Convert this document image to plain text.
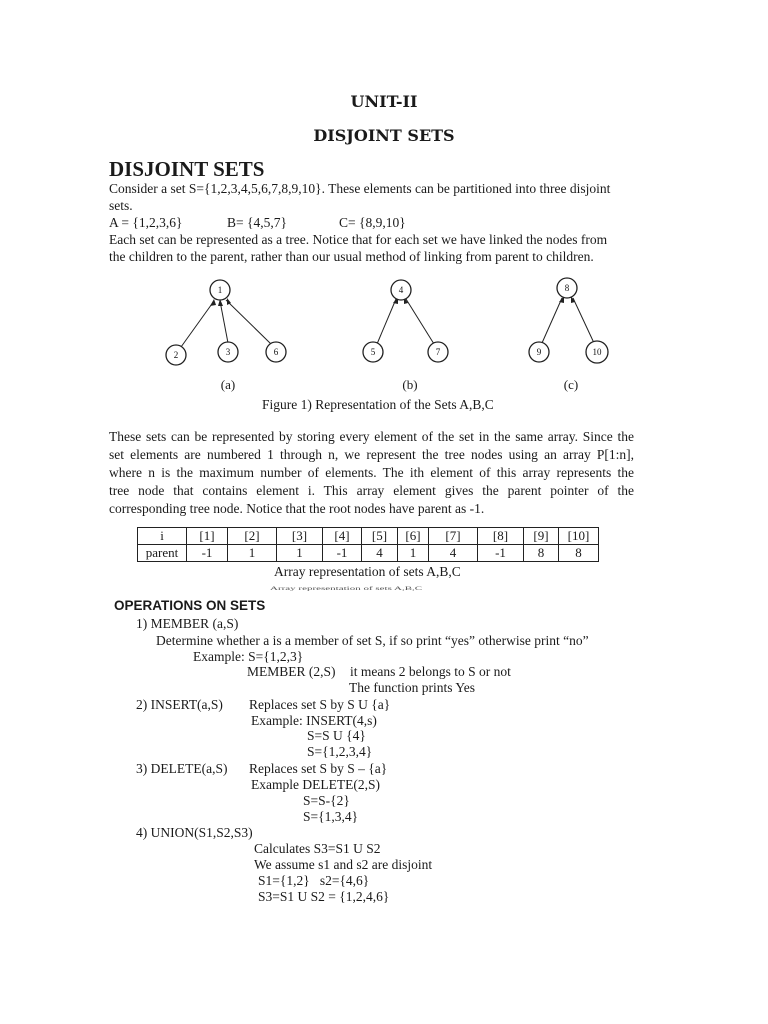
UNIT-II
DISJOINT SETS
DISJOINT SETS
Consider a set S={1,2,3,4,5,6,7,8,9,10}. These elements can be partitioned into three disjoint
sets.
A = {1,2,3,6}	B= {4,5,7}	C= {8,9,10}
Each set can be represented as a tree. Notice that for each set we have linked the nodes from
the children to the parent, rather than our usual method of linking from parent to children.
1
2	3	6
4
5	7
8
9	10
(a)	(b)	(c)
Figure 1) Representation of the Sets A,B,C
These sets can be represented by storing every element of the set in the same array. Since the
set elements are numbered 1 through n, we represent the tree nodes using an array P[1:n],
where n is the maximum number of elements. The ith element of this array represents the
tree node that contains element i. This array element gives the parent pointer of the
corresponding tree node. Notice that the root nodes have parent as -1.
i	[1]	[2]	[3]	[4]	[5]	[6]	[7]	[8]	[9]	[10]
parent	-1	1	1	-1	4	1	4	-1	8	8
Array representation of sets A,B,C
Array representation of sets A,B,C
OPERATIONS ON SETS
1) MEMBER (a,S)
Determine whether a is a member of set S, if so print “yes” otherwise print “no”
Example: S={1,2,3}
MEMBER (2,S) it means 2 belongs to S or not
The function prints Yes
2) INSERT(a,S) Replaces set S by S U {a}
Example: INSERT(4,s)
S=S U {4}
S={1,2,3,4}
3) DELETE(a,S) Replaces set S by S – {a}
Example DELETE(2,S)
S=S-{2}
S={1,3,4}
4) UNION(S1,S2,S3)
Calculates S3=S1 U S2
We assume s1 and s2 are disjoint
S1={1,2}   s2={4,6}
S3=S1 U S2 = {1,2,4,6}
